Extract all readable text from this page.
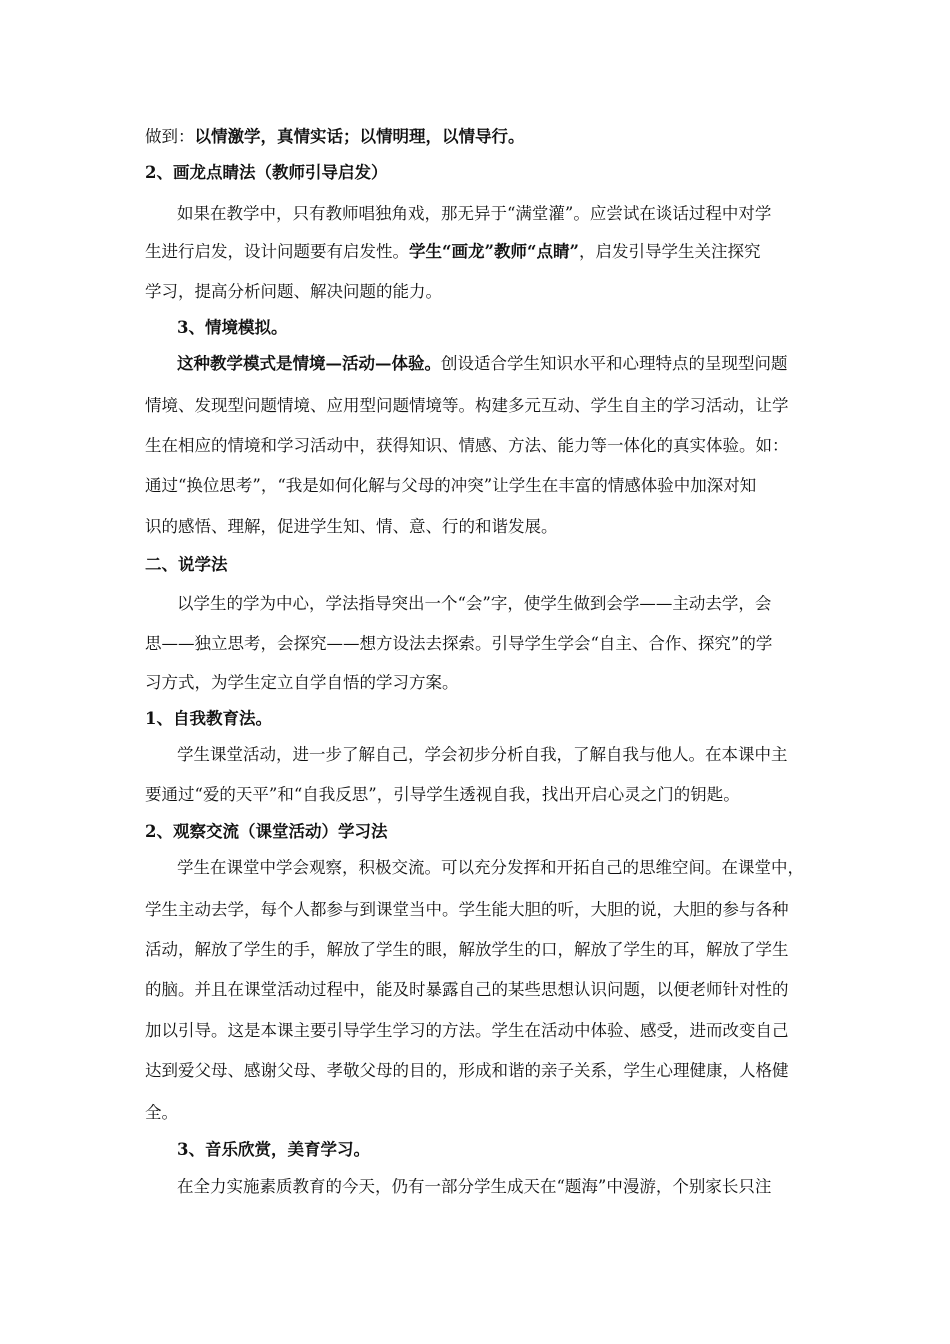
做到：以情激学，真情实话；以情明理，以情导行。
2、画龙点睛法（教师引导启发）
如果在教学中，只有教师唱独角戏，那无异于“满堂灌”。应尝试在谈话过程中对学
生进行启发，设计问题要有启发性。学生“画龙”教师“点睛”，启发引导学生关注探究
学习，提高分析问题、解决问题的能力。
3、情境模拟。
这种教学模式是情境—活动—体验。创设适合学生知识水平和心理特点的呈现型问题
情境、发现型问题情境、应用型问题情境等。构建多元互动、学生自主的学习活动，让学
生在相应的情境和学习活动中，获得知识、情感、方法、能力等一体化的真实体验。如：
通过“换位思考”，“我是如何化解与父母的冲突”让学生在丰富的情感体验中加深对知
识的感悟、理解，促进学生知、情、意、行的和谐发展。
二、说学法
以学生的学为中心，学法指导突出一个“会”字，使学生做到会学——主动去学，会
思——独立思考，会探究——想方设法去探索。引导学生学会“自主、合作、探究”的学
习方式，为学生定立自学自悟的学习方案。
1、自我教育法。
学生课堂活动，进一步了解自己，学会初步分析自我，了解自我与他人。在本课中主
要通过“爱的天平”和“自我反思”，引导学生透视自我，找出开启心灵之门的钥匙。
2、观察交流（课堂活动）学习法
学生在课堂中学会观察，积极交流。可以充分发挥和开拓自己的思维空间。在课堂中，
学生主动去学，每个人都参与到课堂当中。学生能大胆的听，大胆的说，大胆的参与各种
活动，解放了学生的手，解放了学生的眼，解放学生的口，解放了学生的耳，解放了学生
的脑。并且在课堂活动过程中，能及时暴露自己的某些思想认识问题，以便老师针对性的
加以引导。这是本课主要引导学生学习的方法。学生在活动中体验、感受，进而改变自己
达到爱父母、感谢父母、孝敬父母的目的，形成和谐的亲子关系，学生心理健康，人格健
全。
3、音乐欣赏，美育学习。
在全力实施素质教育的今天，仍有一部分学生成天在“题海”中漫游，个别家长只注
